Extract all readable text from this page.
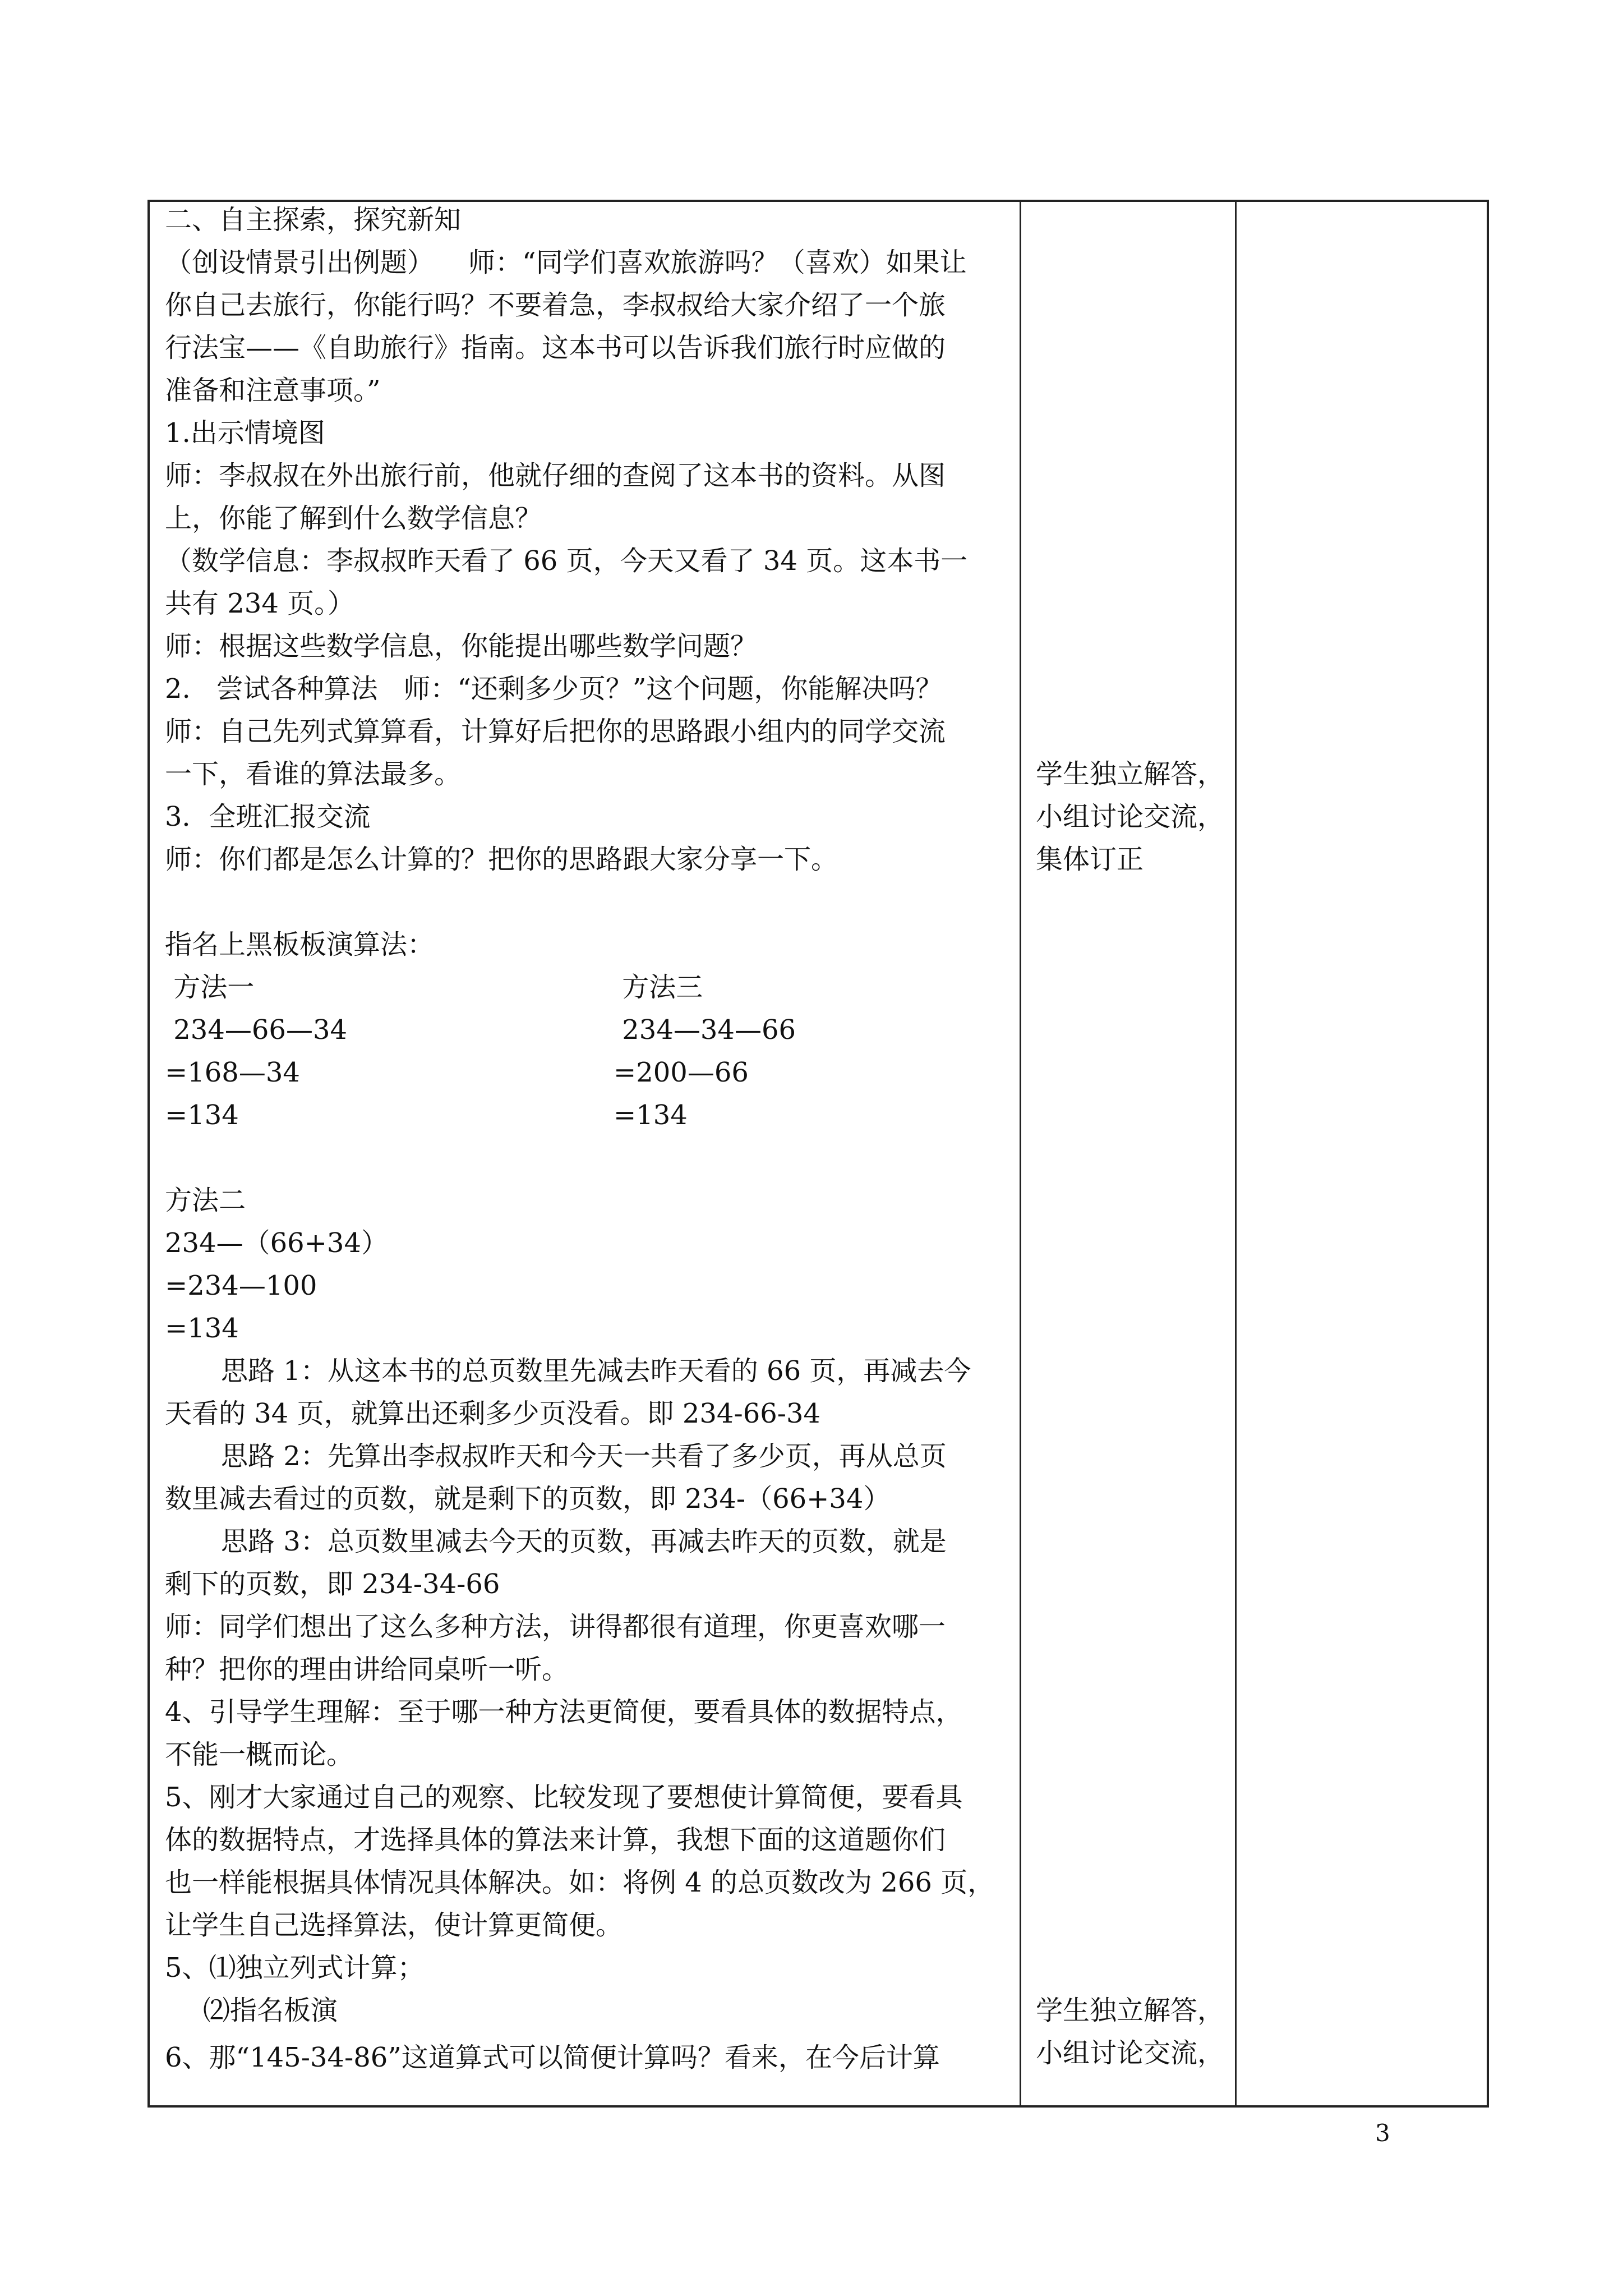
二、自主探索，探究新知
（创设情景引出例题）    师：“同学们喜欢旅游吗？（喜欢）如果让
你自己去旅行，你能行吗？不要着急，李叔叔给大家介绍了一个旅
行法宝——《自助旅行》指南。这本书可以告诉我们旅行时应做的
准备和注意事项。”
1.出示情境图
师：李叔叔在外出旅行前，他就仔细的查阅了这本书的资料。从图
上，你能了解到什么数学信息？
（数学信息：李叔叔昨天看了 66 页，今天又看了 34 页。这本书一
共有 234 页。）
师：根据这些数学信息，你能提出哪些数学问题？
2.   尝试各种算法   师：“还剩多少页？”这个问题，你能解决吗？
师：自己先列式算算看，计算好后把你的思路跟小组内的同学交流
一下，看谁的算法最多。
3．全班汇报交流
师：你们都是怎么计算的？把你的思路跟大家分享一下。
指名上黑板板演算法：
方法一	方法三
234—66—34	234—34—66
=168—34	=200—66
=134	=134
方法二
234—（66+34）
=234—100
=134
思路 1：从这本书的总页数里先减去昨天看的 66 页，再减去今
天看的 34 页，就算出还剩多少页没看。即 234-66-34
思路 2：先算出李叔叔昨天和今天一共看了多少页，再从总页
数里减去看过的页数，就是剩下的页数，即 234-（66+34）
思路 3：总页数里减去今天的页数，再减去昨天的页数，就是
剩下的页数，即 234-34-66
师：同学们想出了这么多种方法，讲得都很有道理，你更喜欢哪一
种？把你的理由讲给同桌听一听。
4、引导学生理解：至于哪一种方法更简便，要看具体的数据特点，
不能一概而论。
5、刚才大家通过自己的观察、比较发现了要想使计算简便，要看具
体的数据特点，才选择具体的算法来计算，我想下面的这道题你们
也一样能根据具体情况具体解决。如：将例 4 的总页数改为 266 页，
让学生自己选择算法，使计算更简便。
5、⑴独立列式计算；
⑵指名板演
6、那“145-34-86”这道算式可以简便计算吗？看来，在今后计算
学生独立解答，
小组讨论交流，
集体订正
学生独立解答，
小组讨论交流，
3
